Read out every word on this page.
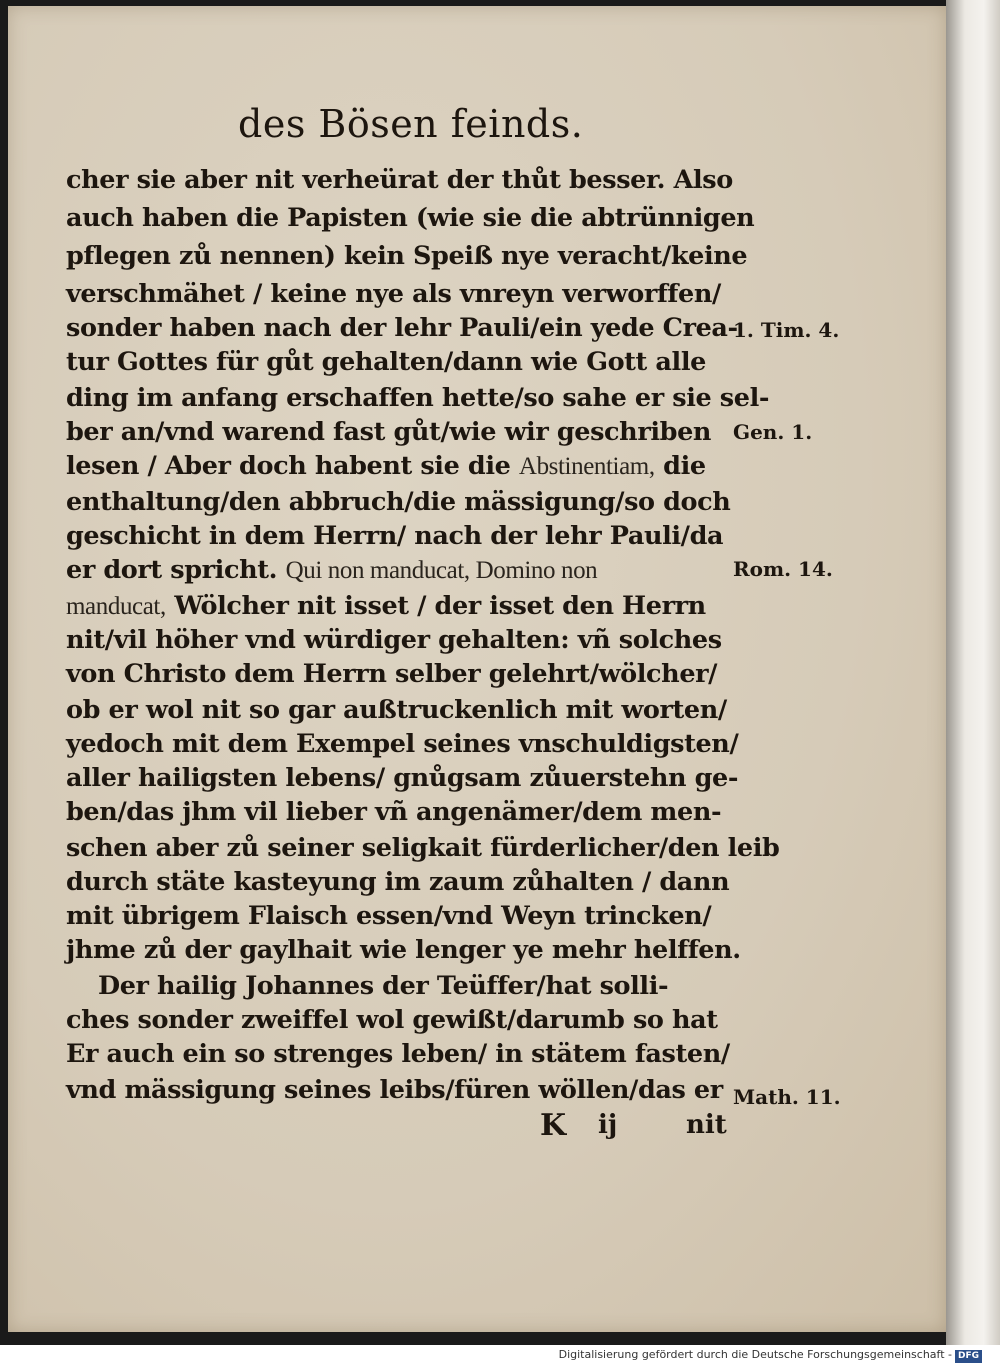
des Bösen feinds.
cher sie aber nit verheürat der thůt besser. Also
auch haben die Papisten (wie sie die abtrünnigen
pflegen zů nennen) kein Speiß nye veracht/keine
verschmähet / keine nye als vnreyn verworffen/
sonder haben nach der lehr Pauli/ein yede Crea-
tur Gottes für gůt gehalten/dann wie Gott alle
ding im anfang erschaffen hette/so sahe er sie sel-
ber an/vnd warend fast gůt/wie wir geschriben
lesen / Aber doch habent sie die Abstinentiam, die
enthaltung/den abbruch/die mässigung/so doch
geschicht in dem Herrn/ nach der lehr Pauli/da
er dort spricht. Qui non manducat, Domino non
manducat, Wölcher nit isset / der isset den Herrn
nit/vil höher vnd würdiger gehalten: vñ solches
von Christo dem Herrn selber gelehrt/wölcher/
ob er wol nit so gar außtruckenlich mit worten/
yedoch mit dem Exempel seines vnschuldigsten/
aller hailigsten lebens/ gnůgsam zůuerstehn ge-
ben/das jhm vil lieber vñ angenämer/dem men-
schen aber zů seiner seligkait fürderlicher/den leib
durch stäte kasteyung im zaum zůhalten / dann
mit übrigem Flaisch essen/vnd Weyn trincken/
jhme zů der gaylhait wie lenger ye mehr helffen.
Der hailig Johannes der Teüffer/hat solli-
ches sonder zweiffel wol gewißt/darumb so hat
Er auch ein so strenges leben/ in stätem fasten/
vnd mässigung seines leibs/füren wöllen/das er
1. Tim. 4.
Gen. 1.
Rom. 14.
Math. 11.
K ij	nit
Digitalisierung gefördert durch die Deutsche Forschungsgemeinschaft - DFG
